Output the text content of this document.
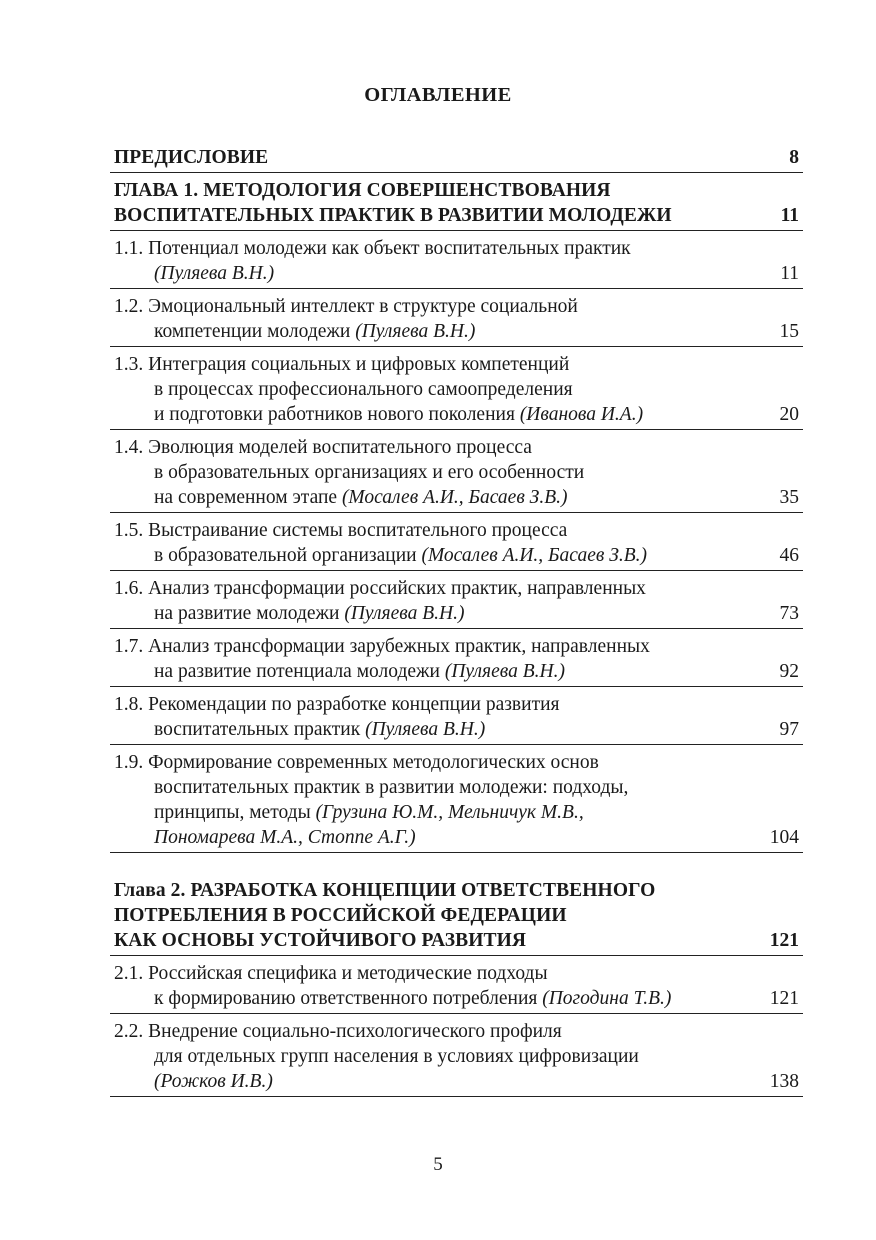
ОГЛАВЛЕНИЕ
ПРЕДИСЛОВИЕ	8
ГЛАВА 1. МЕТОДОЛОГИЯ СОВЕРШЕНСТВОВАНИЯ
ВОСПИТАТЕЛЬНЫХ ПРАКТИК В РАЗВИТИИ МОЛОДЕЖИ	11
1.1. Потенциал молодежи как объект воспитательных практик
(Пуляева В.Н.)	11
1.2. Эмоциональный интеллект в структуре социальной
компетенции молодежи (Пуляева В.Н.)	15
1.3. Интеграция социальных и цифровых компетенций
в процессах профессионального самоопределения
и подготовки работников нового поколения (Иванова И.А.)	20
1.4. Эволюция моделей воспитательного процесса
в образовательных организациях и его особенности
на современном этапе (Мосалев А.И., Басаев З.В.)	35
1.5. Выстраивание системы воспитательного процесса
в образовательной организации (Мосалев А.И., Басаев З.В.)	46
1.6. Анализ трансформации российских практик, направленных
на развитие молодежи (Пуляева В.Н.)	73
1.7. Анализ трансформации зарубежных практик, направленных
на развитие потенциала молодежи (Пуляева В.Н.)	92
1.8. Рекомендации по разработке концепции развития
воспитательных практик (Пуляева В.Н.)	97
1.9. Формирование современных методологических основ
воспитательных практик в развитии молодежи: подходы,
принципы, методы (Грузина Ю.М., Мельничук М.В.,
Пономарева М.А., Стоппе А.Г.)	104
Глава 2. РАЗРАБОТКА КОНЦЕПЦИИ ОТВЕТСТВЕННОГО
ПОТРЕБЛЕНИЯ В РОССИЙСКОЙ ФЕДЕРАЦИИ
КАК ОСНОВЫ УСТОЙЧИВОГО РАЗВИТИЯ	121
2.1. Российская специфика и методические подходы
к формированию ответственного потребления (Погодина Т.В.)	121
2.2. Внедрение социально-психологического профиля
для отдельных групп населения в условиях цифровизации
(Рожков И.В.)	138
5
